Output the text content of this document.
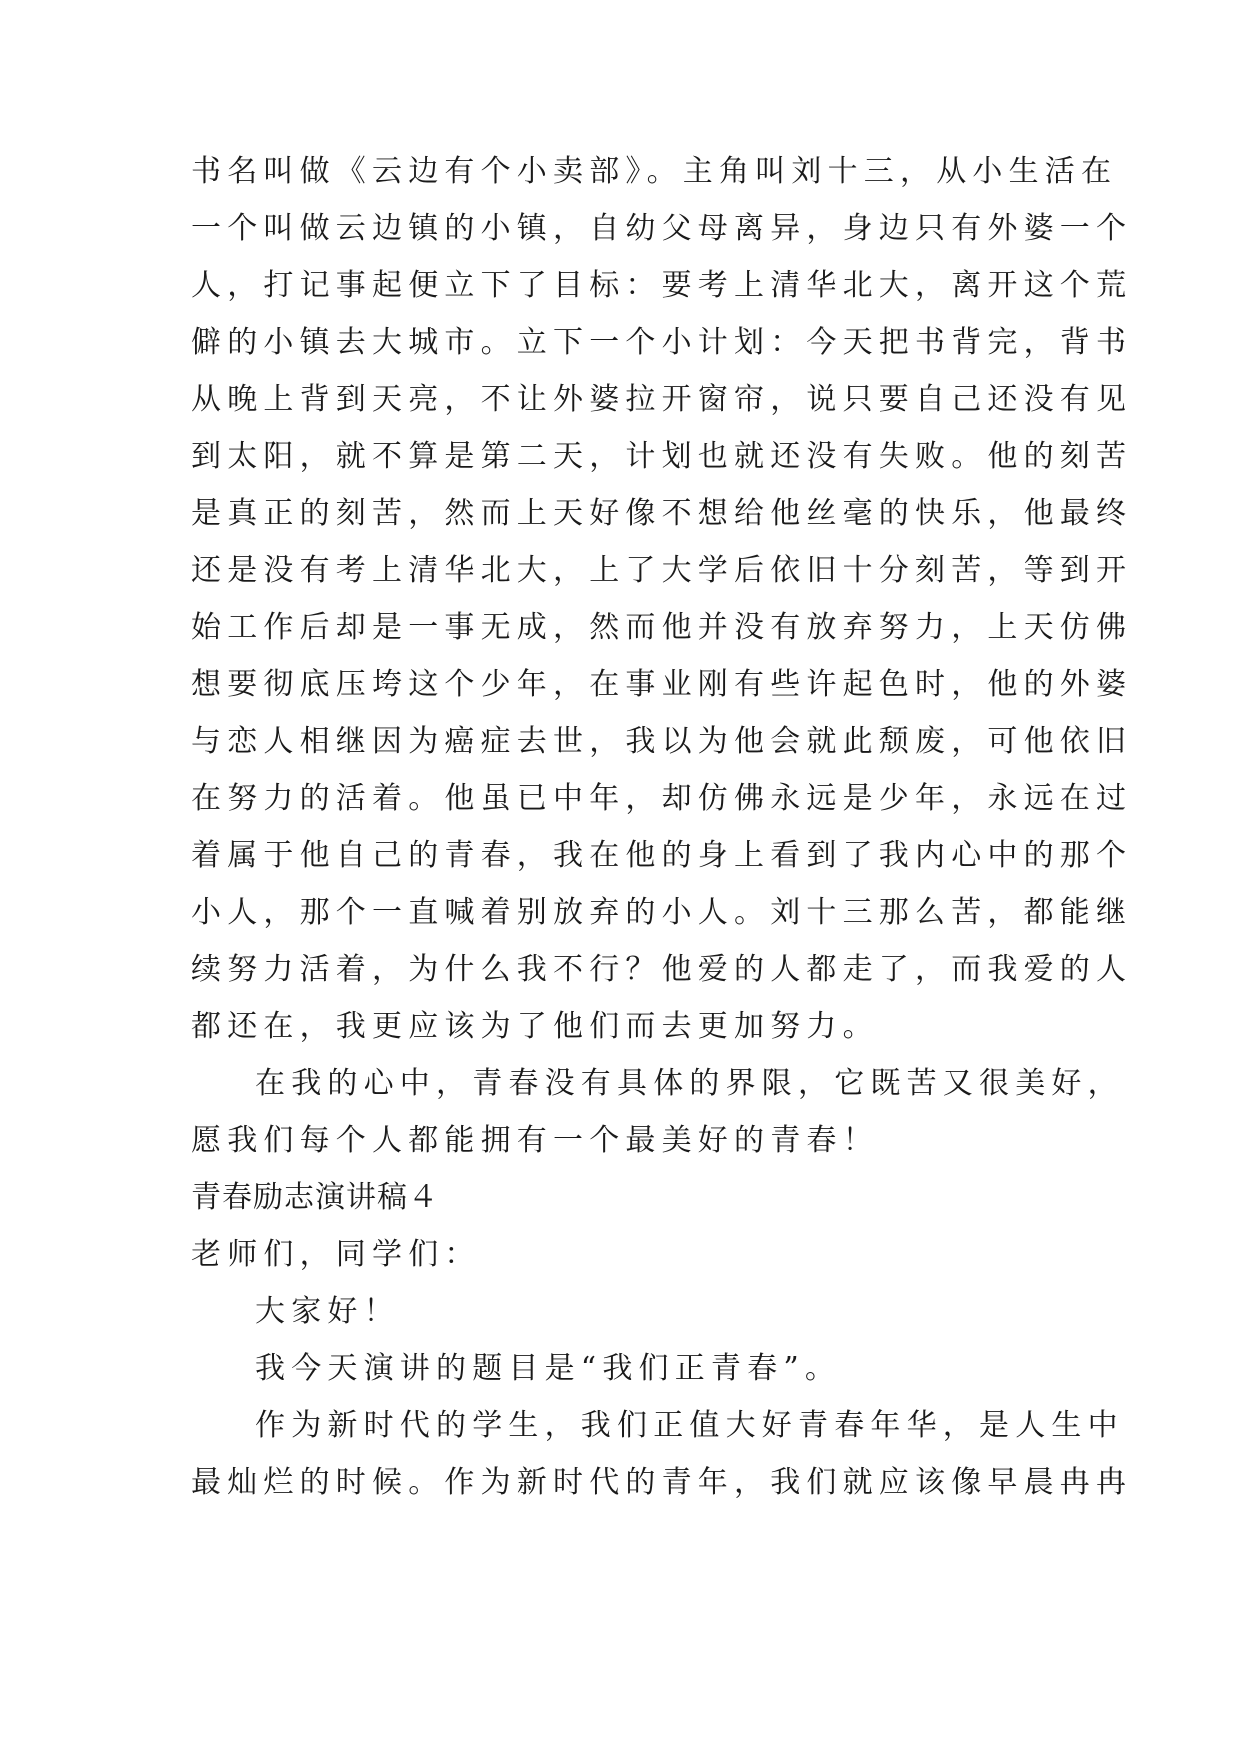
书名叫做《云边有个小卖部》。主角叫刘十三，从小生活在
一个叫做云边镇的小镇，自幼父母离异，身边只有外婆一个
人，打记事起便立下了目标：要考上清华北大，离开这个荒
僻的小镇去大城市。立下一个小计划：今天把书背完，背书
从晚上背到天亮，不让外婆拉开窗帘，说只要自己还没有见
到太阳，就不算是第二天，计划也就还没有失败。他的刻苦
是真正的刻苦，然而上天好像不想给他丝毫的快乐，他最终
还是没有考上清华北大，上了大学后依旧十分刻苦，等到开
始工作后却是一事无成，然而他并没有放弃努力，上天仿佛
想要彻底压垮这个少年，在事业刚有些许起色时，他的外婆
与恋人相继因为癌症去世，我以为他会就此颓废，可他依旧
在努力的活着。他虽已中年，却仿佛永远是少年，永远在过
着属于他自己的青春，我在他的身上看到了我内心中的那个
小人，那个一直喊着别放弃的小人。刘十三那么苦，都能继
续努力活着，为什么我不行？他爱的人都走了，而我爱的人
都还在，我更应该为了他们而去更加努力。
在我的心中，青春没有具体的界限，它既苦又很美好，
愿我们每个人都能拥有一个最美好的青春！
青春励志演讲稿４
老师们，同学们：
大家好！
我今天演讲的题目是“我们正青春”。
作为新时代的学生，我们正值大好青春年华，是人生中
最灿烂的时候。作为新时代的青年，我们就应该像早晨冉冉
